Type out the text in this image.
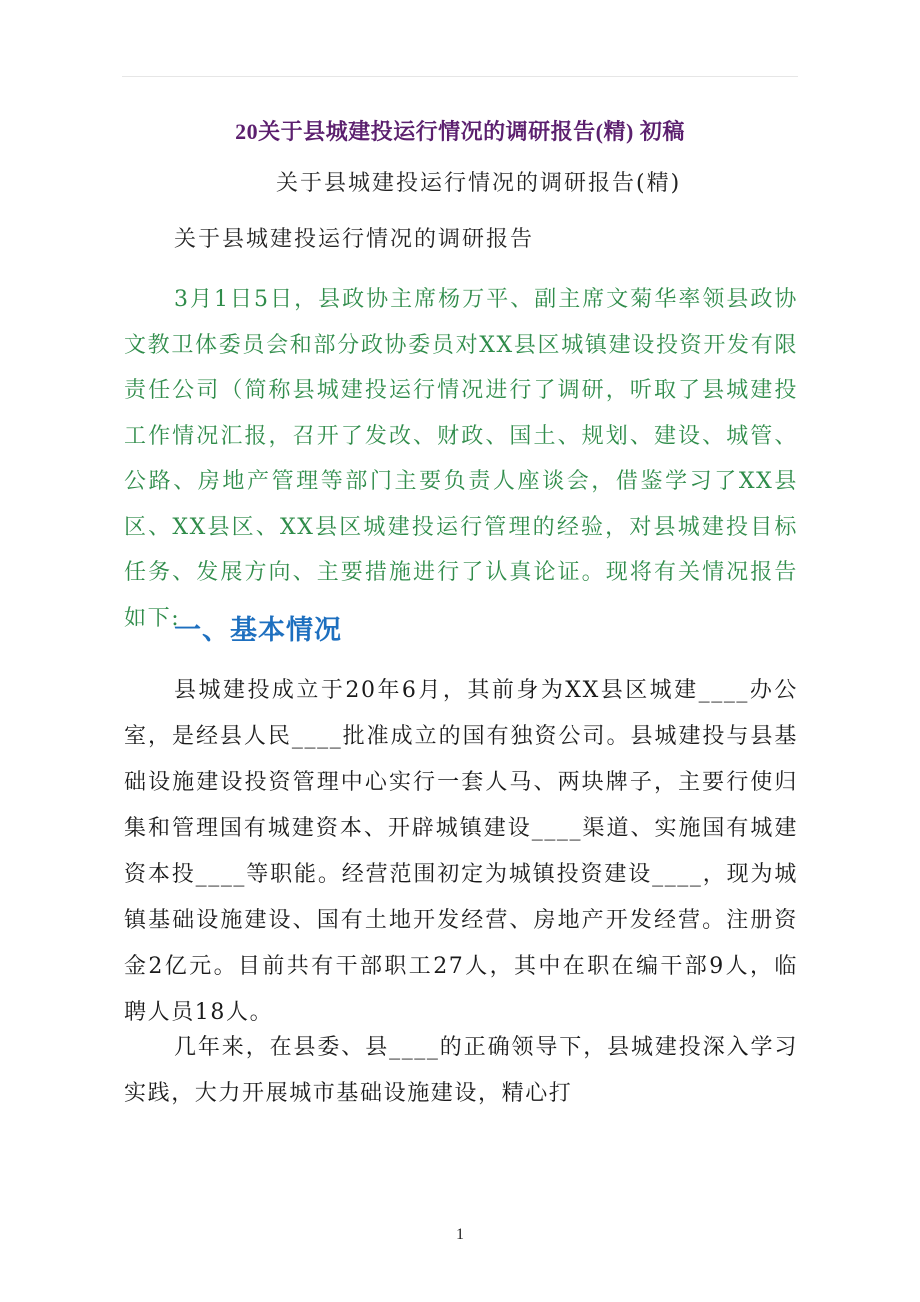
20关于县城建投运行情况的调研报告(精) 初稿
关于县城建投运行情况的调研报告(精)
关于县城建投运行情况的调研报告

3月1日5日，县政协主席杨万平、副主席文菊华率领县政协文教卫体委员会和部分政协委员对XX县区城镇建设投资开发有限责任公司（简称县城建投运行情况进行了调研，听取了县城建投工作情况汇报，召开了发改、财政、国土、规划、建设、城管、公路、房地产管理等部门主要负责人座谈会，借鉴学习了XX县区、XX县区、XX县区城建投运行管理的经验，对县城建投目标任务、发展方向、主要措施进行了认真论证。现将有关情况报告如下:

一、基本情况

县城建投成立于20年6月，其前身为XX县区城建____办公室，是经县人民____批准成立的国有独资公司。县城建投与县基础设施建设投资管理中心实行一套人马、两块牌子，主要行使归集和管理国有城建资本、开辟城镇建设____渠道、实施国有城建资本投____等职能。经营范围初定为城镇投资建设____，现为城镇基础设施建设、国有土地开发经营、房地产开发经营。注册资金2亿元。目前共有干部职工27人，其中在职在编干部9人，临聘人员18人。

几年来，在县委、县____的正确领导下，县城建投深入学习实践，大力开展城市基础设施建设，精心打

1
